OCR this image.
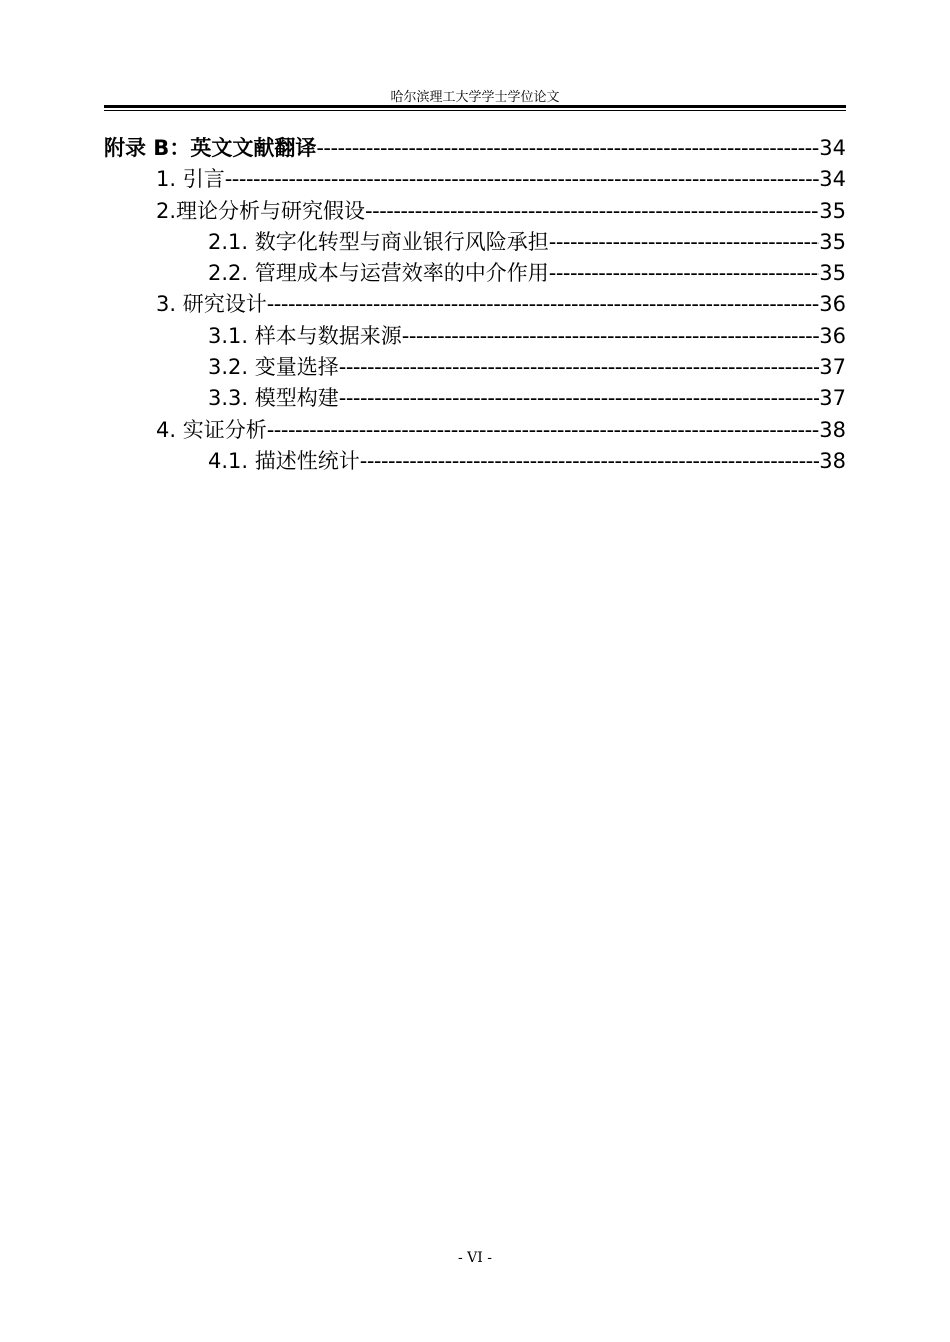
哈尔滨理工大学学士学位论文
附录 B：英文文献翻译 -----	34
1. 引言 -----	34
2.理论分析与研究假设 -----	35
2.1. 数字化转型与商业银行风险承担 -----	35
2.2. 管理成本与运营效率的中介作用 -----	35
3. 研究设计 -----	36
3.1. 样本与数据来源 -----	36
3.2. 变量选择 -----	37
3.3. 模型构建 -----	37
4. 实证分析 -----	38
4.1. 描述性统计 -----	38
- VI -
